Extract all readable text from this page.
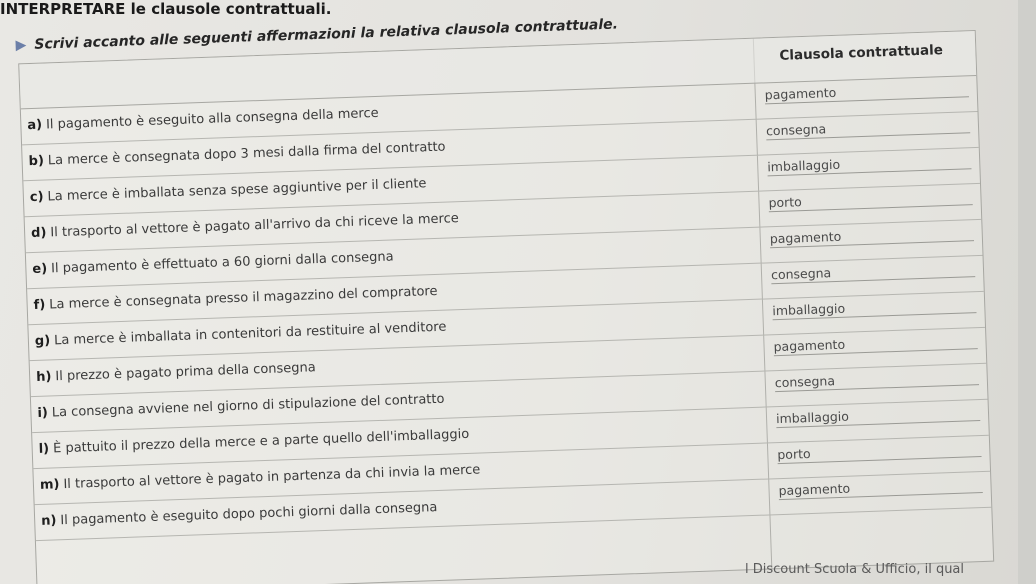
INTERPRETARE le clausole contrattuali.
▶ Scrivi accanto alle seguenti affermazioni la relativa clausola contrattuale.
Clausola contrattuale
a) Il pagamento è eseguito alla consegna della merce
pagamento
b) La merce è consegnata dopo 3 mesi dalla firma del contratto
consegna
c) La merce è imballata senza spese aggiuntive per il cliente
imballaggio
d) Il trasporto al vettore è pagato all'arrivo da chi riceve la merce
porto
e) Il pagamento è effettuato a 60 giorni dalla consegna
pagamento
f) La merce è consegnata presso il magazzino del compratore
consegna
g) La merce è imballata in contenitori da restituire al venditore
imballaggio
h) Il prezzo è pagato prima della consegna
pagamento
i) La consegna avviene nel giorno di stipulazione del contratto
consegna
l) È pattuito il prezzo della merce e a parte quello dell'imballaggio
imballaggio
m) Il trasporto al vettore è pagato in partenza da chi invia la merce
porto
n) Il pagamento è eseguito dopo pochi giorni dalla consegna
pagamento
l Discount Scuola & Ufficio, il qual
